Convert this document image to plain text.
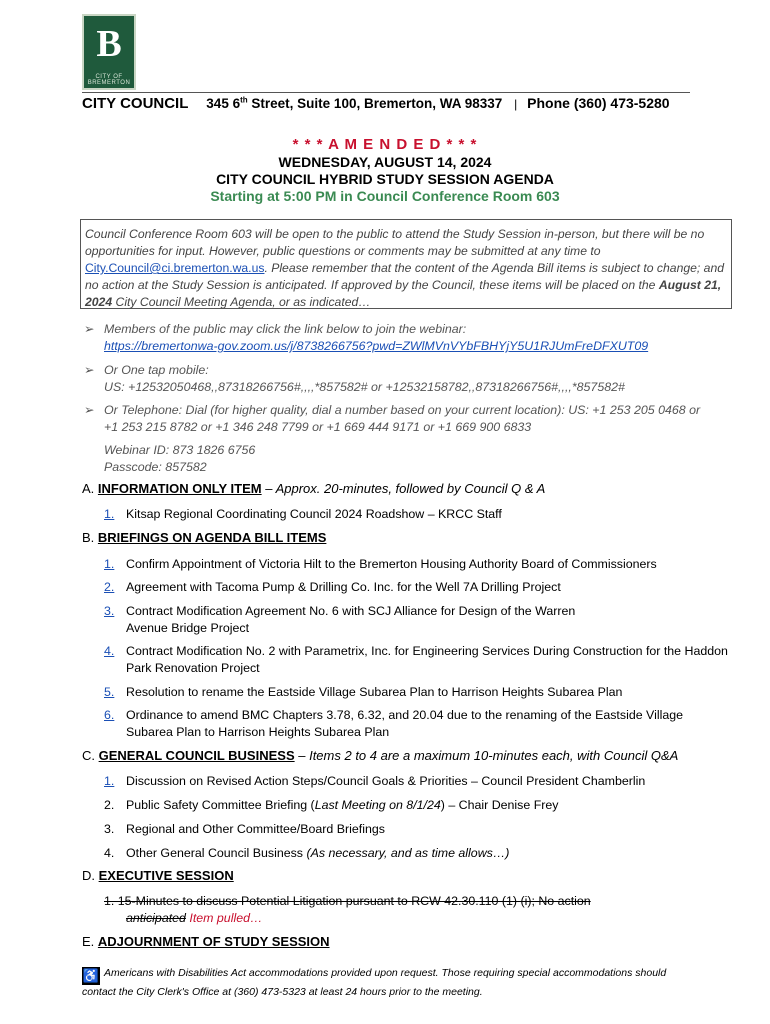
B
CITY OF BREMERTON
CITY COUNCIL 345 6th Street, Suite 100, Bremerton, WA 98337 | Phone (360) 473-5280
* * * A M E N D E D * * *
WEDNESDAY, AUGUST 14, 2024
CITY COUNCIL HYBRID STUDY SESSION AGENDA
Starting at 5:00 PM in Council Conference Room 603
Council Conference Room 603 will be open to the public to attend the Study Session in-person, but there will be no opportunities for input. However, public questions or comments may be submitted at any time to City.Council@ci.bremerton.wa.us. Please remember that the content of the Agenda Bill items is subject to change; and no action at the Study Session is anticipated. If approved by the Council, these items will be placed on the August 21, 2024 City Council Meeting Agenda, or as indicated…
➢ Members of the public may click the link below to join the webinar:
https://bremertonwa-gov.zoom.us/j/8738266756?pwd=ZWlMVnVYbFBHYjY5U1RJUmFreDFXUT09
➢ Or One tap mobile:
US: +12532050468,,87318266756#,,,,*857582# or +12532158782,,87318266756#,,,,*857582#
➢ Or Telephone: Dial (for higher quality, dial a number based on your current location): US: +1 253 205 0468 or +1 253 215 8782 or +1 346 248 7799 or +1 669 444 9171 or +1 669 900 6833
Webinar ID: 873 1826 6756
Passcode: 857582
A. INFORMATION ONLY ITEM – Approx. 20-minutes, followed by Council Q & A
1. Kitsap Regional Coordinating Council 2024 Roadshow – KRCC Staff
B. BRIEFINGS ON AGENDA BILL ITEMS
1. Confirm Appointment of Victoria Hilt to the Bremerton Housing Authority Board of Commissioners
2. Agreement with Tacoma Pump & Drilling Co. Inc. for the Well 7A Drilling Project
3. Contract Modification Agreement No. 6 with SCJ Alliance for Design of the Warren Avenue Bridge Project
4. Contract Modification No. 2 with Parametrix, Inc. for Engineering Services During Construction for the Haddon Park Renovation Project
5. Resolution to rename the Eastside Village Subarea Plan to Harrison Heights Subarea Plan
6. Ordinance to amend BMC Chapters 3.78, 6.32, and 20.04 due to the renaming of the Eastside Village Subarea Plan to Harrison Heights Subarea Plan
C. GENERAL COUNCIL BUSINESS – Items 2 to 4 are a maximum 10-minutes each, with Council Q&A
1. Discussion on Revised Action Steps/Council Goals & Priorities – Council President Chamberlin
2. Public Safety Committee Briefing (Last Meeting on 8/1/24) – Chair Denise Frey
3. Regional and Other Committee/Board Briefings
4. Other General Council Business (As necessary, and as time allows…)
D. EXECUTIVE SESSION
1. 15-Minutes to discuss Potential Litigation pursuant to RCW 42.30.110 (1) (i); No action
anticipated Item pulled…
E. ADJOURNMENT OF STUDY SESSION
♿ Americans with Disabilities Act accommodations provided upon request. Those requiring special accommodations should contact the City Clerk's Office at (360) 473-5323 at least 24 hours prior to the meeting.
